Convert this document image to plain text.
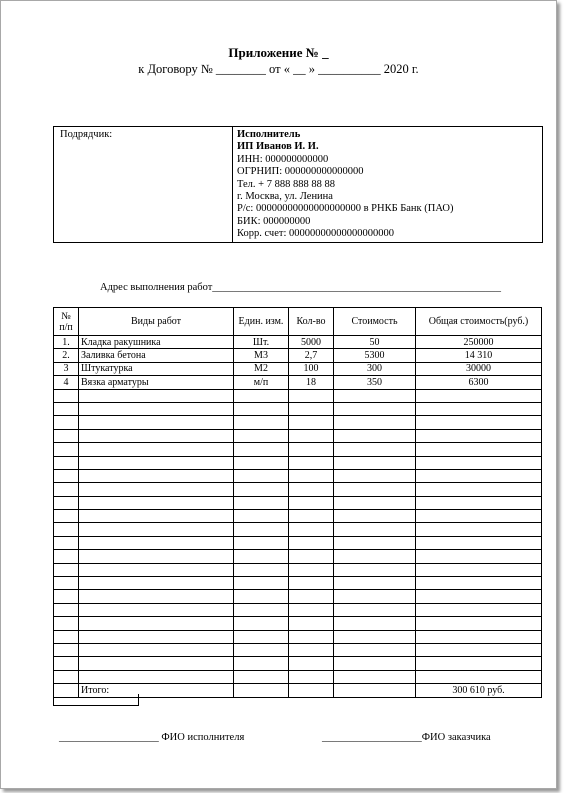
Приложение № _
к Договору № ________ от « __ » __________ 2020 г.
Подрядчик:	Исполнитель
ИП Иванов И. И.
ИНН: 000000000000
ОГРНИП: 000000000000000
Тел. + 7 888 888 88 88
г. Москва, ул. Ленина
Р/с: 00000000000000000000 в РНКБ Банк (ПАО)
БИК: 000000000
Корр. счет: 00000000000000000000
Адрес выполнения работ_______________________________________________________
№ п/п	Виды работ	Един. изм.	Кол-во	Стоимость	Общая стоимость(руб.)
1.	Кладка ракушника	Шт.	5000	50	250000
2.	Заливка бетона	М3	2,7	5300	14 310
3	Штукатурка	М2	100	300	30000
4	Вязка арматуры	м/п	18	350	6300

	Итого:				300 610 руб.
___________________ ФИО исполнителя	___________________ФИО заказчика
